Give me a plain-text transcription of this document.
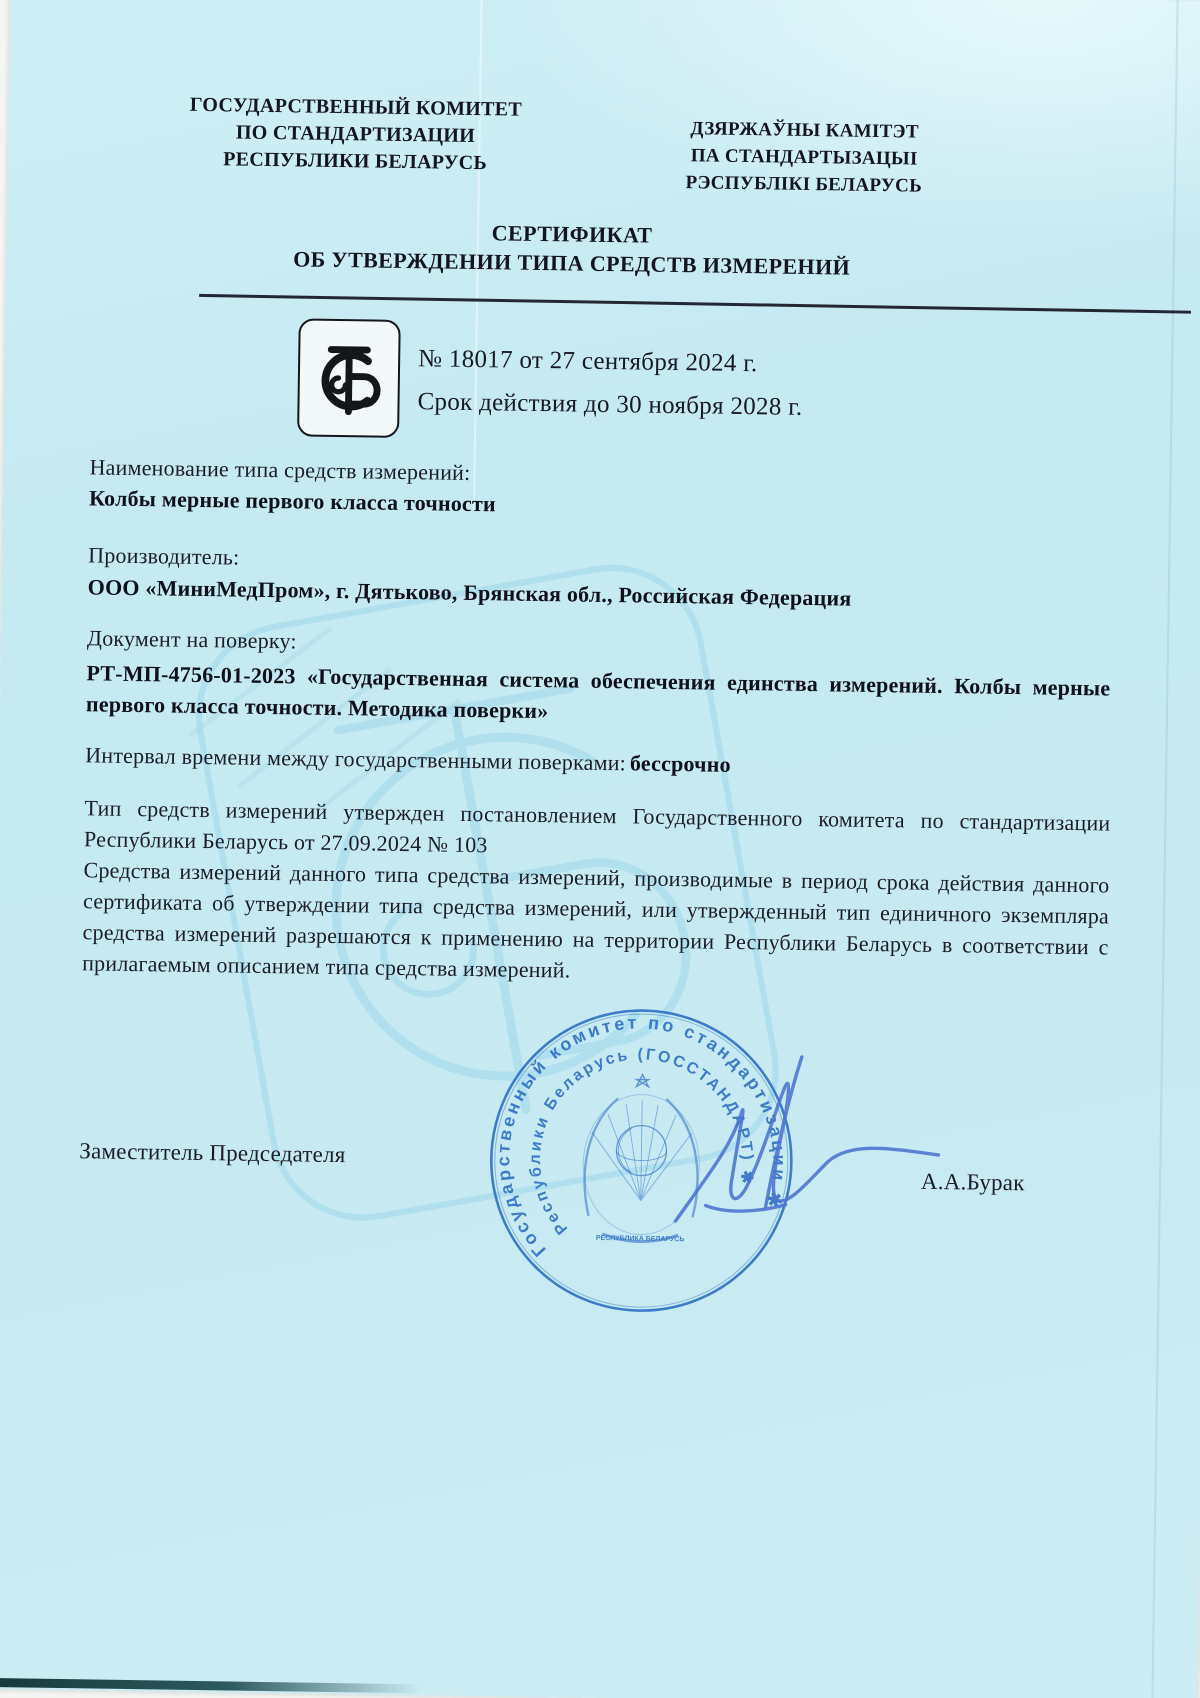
ГОСУДАРСТВЕННЫЙ КОМИТЕТ
ПО СТАНДАРТИЗАЦИИ
РЕСПУБЛИКИ БЕЛАРУСЬ
ДЗЯРЖАЎНЫ КАМІТЭТ
ПА СТАНДАРТЫЗАЦЫІ
РЭСПУБЛІКІ БЕЛАРУСЬ
СЕРТИФИКАТ
ОБ УТВЕРЖДЕНИИ ТИПА СРЕДСТВ ИЗМЕРЕНИЙ
№ 18017 от 27 сентября 2024 г.
Срок действия до 30 ноября 2028 г.
Наименование типа средств измерений:
Колбы мерные первого класса точности
Производитель:
ООО «МиниМедПром», г. Дятьково, Брянская обл., Российская Федерация
Документ на поверку:
РТ-МП-4756-01-2023 «Государственная система обеспечения единства измерений. Колбы мерные первого класса точности. Методика поверки»
Интервал времени между государственными поверками: бессрочно
Тип средств измерений утвержден постановлением Государственного комитета по стандартизации Республики Беларусь от 27.09.2024 № 103
Средства измерений данного типа средства измерений, производимые в период срока действия данного сертификата об утверждении типа средства измерений, или утвержденный тип единичного экземпляра средства измерений разрешаются к применению на территории Республики Беларусь в соответствии с прилагаемым описанием типа средства измерений.
Заместитель Председателя
А.А.Бурак
Государственный комитет по стандартизации ✱
Республики Беларусь (ГОССТАНДАРТ) ✱
РЕСПУБЛИКА БЕЛАРУСЬ
